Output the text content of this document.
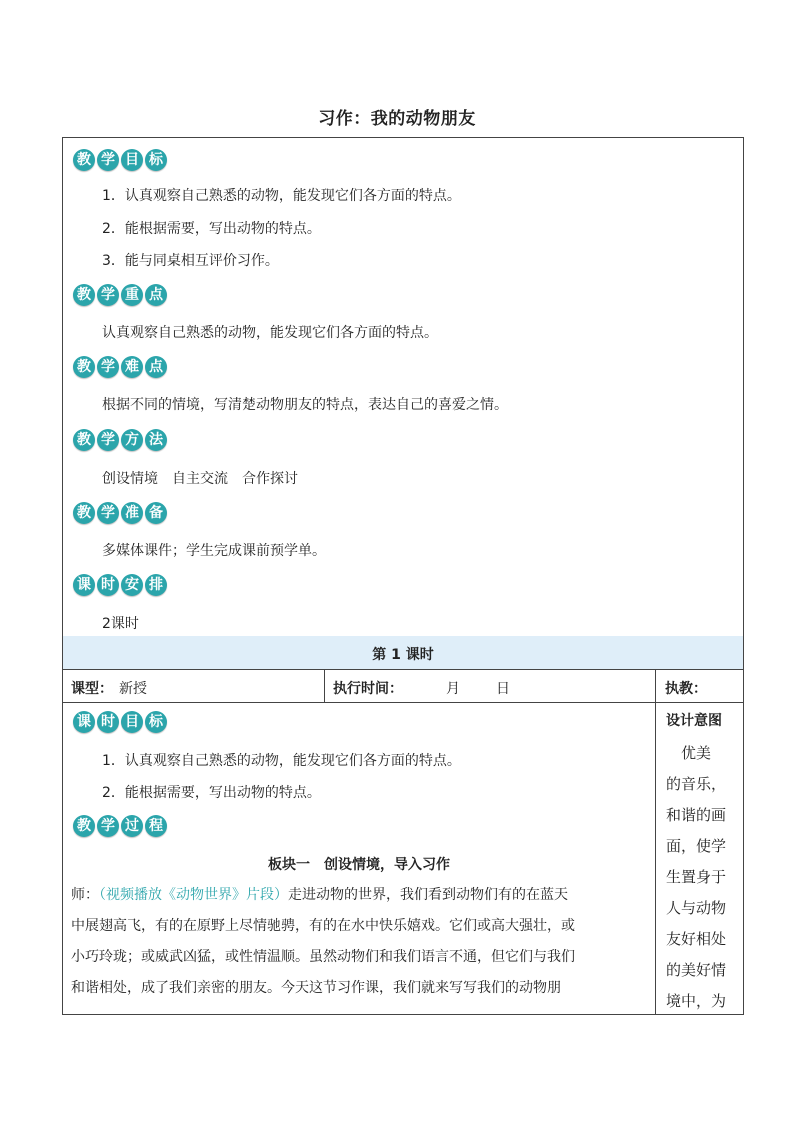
习作：我的动物朋友
教 学 目 标
1．认真观察自己熟悉的动物，能发现它们各方面的特点。
2．能根据需要，写出动物的特点。
3．能与同桌相互评价习作。
教 学 重 点
认真观察自己熟悉的动物，能发现它们各方面的特点。
教 学 难 点
根据不同的情境，写清楚动物朋友的特点，表达自己的喜爱之情。
教 学 方 法
创设情境　自主交流　合作探讨
教 学 准 备
多媒体课件；学生完成课前预学单。
课 时 安 排
2课时
第 1 课时
课型： 新授	执行时间：	月	日	执教：
课 时 目 标
1．认真观察自己熟悉的动物，能发现它们各方面的特点。
2．能根据需要，写出动物的特点。
教 学 过 程
板块一　创设情境，导入习作
师：（视频播放《动物世界》片段）走进动物的世界，我们看到动物们有的在蓝天
中展翅高飞，有的在原野上尽情驰骋，有的在水中快乐嬉戏。它们或高大强壮，或
小巧玲珑；或威武凶猛，或性情温顺。虽然动物们和我们语言不通，但它们与我们
和谐相处，成了我们亲密的朋友。今天这节习作课，我们就来写写我们的动物朋
设计意图
　优美
的音乐，
和谐的画
面，使学
生置身于
人与动物
友好相处
的美好情
境中，为
